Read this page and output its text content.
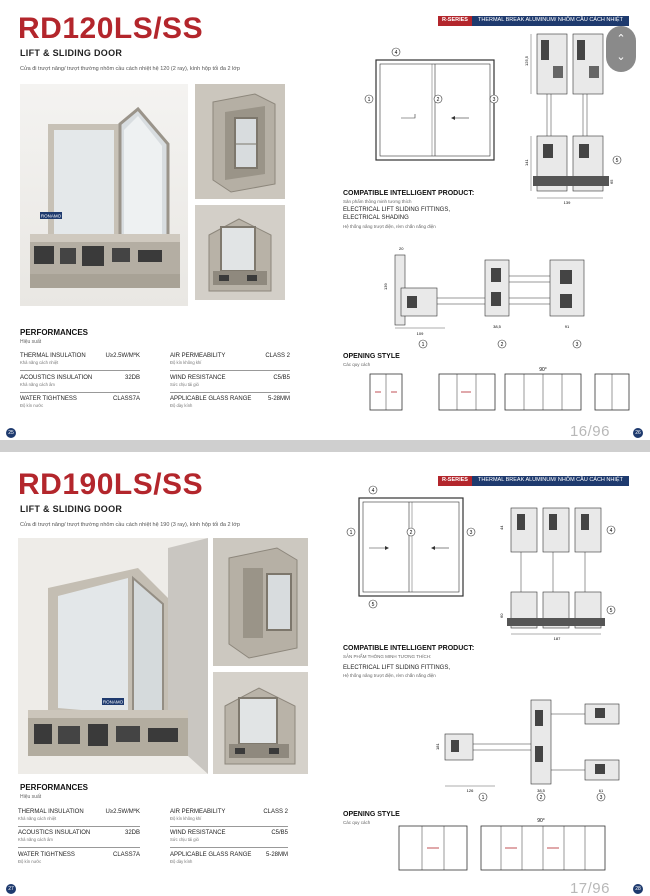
RD120LS/SS
LIFT & SLIDING DOOR
Cửa đi trượt nâng/ trượt thường nhôm cầu cách nhiệt hệ 120 (2 ray), kính hộp tối đa 2 lớp
RONAMO
PERFORMANCES
Hiệu suất
THERMAL INSULATION
Khả năng cách nhiệt
U≥2.5W/MºK
ACOUSTICS INSULATION
Khả năng cách âm
32DB
WATER TIGHTNESS
Độ kín nước
CLASS7A
AIR PERMEABILITY
Độ kín không khí
CLASS 2
WIND RESISTANCE
Sức chịu tải gió
C5/B5
APPLICABLE GLASS RANGE
Độ dày kính
5-28MM
25
R-SERIES	THERMAL BREAK ALUMINUM/ NHÔM CẦU CÁCH NHIỆT
1	2	3
4
125,5
141
65
139
5
COMPATIBLE INTELLIGENT PRODUCT:
Sản phẩm thông minh tương thích
ELECTRICAL LIFT SLIDING FITTINGS, ELECTRICAL SHADING
Hệ thống nâng trượt điện, rèm chắn nắng điện
20
139
109
38,5	91
1	2	3
OPENING STYLE
Các quy cách
90°
16/96	26
RD190LS/SS
LIFT & SLIDING DOOR
Cửa đi trượt nâng/ trượt thường nhôm cầu cách nhiệt hệ 190 (3 ray), kính hộp tối đa 2 lớp
RONAMO
PERFORMANCES
Hiệu suất
THERMAL INSULATION
Khả năng cách nhiệt
U≥2.5W/MºK
ACOUSTICS INSULATION
Khả năng cách âm
32DB
WATER TIGHTNESS
Độ kín nước
CLASS7A
AIR PERMEABILITY
Độ kín không khí
CLASS 2
WIND RESISTANCE
Sức chịu tải gió
C5/B5
APPLICABLE GLASS RANGE
Độ dày kính
5-28MM
27
R-SERIES	THERMAL BREAK ALUMINUM/ NHÔM CẦU CÁCH NHIỆT
1	2	3
4
5
44
60
187
4
5
COMPATIBLE INTELLIGENT PRODUCT:
SẢN PHẨM THÔNG MINH TƯƠNG THÍCH:
ELECTRICAL LIFT SLIDING FITTINGS,
Hệ thống nâng trượt điện, rèm chắn nắng điện
181
126	38,5	61
1	2	3
OPENING STYLE
Các quy cách	90°
17/96	28
⌃
⌄
